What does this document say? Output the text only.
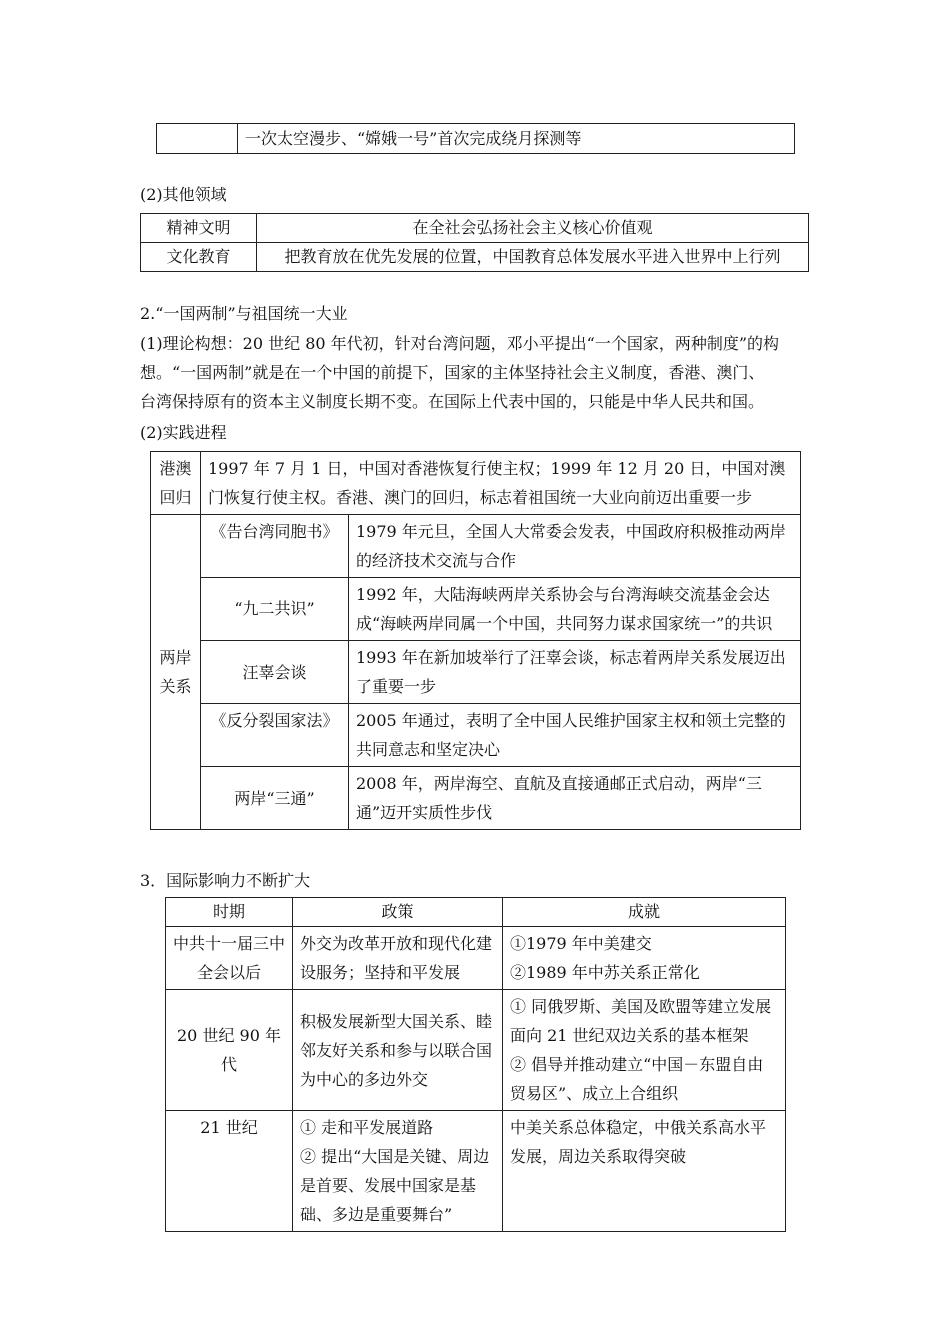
	一次太空漫步、“嫦娥一号”首次完成绕月探测等
(2)其他领域
精神文明	在全社会弘扬社会主义核心价值观
文化教育	把教育放在优先发展的位置，中国教育总体发展水平进入世界中上行列
2.“一国两制”与祖国统一大业

(1)理论构想：20 世纪 80 年代初，针对台湾问题，邓小平提出“一个国家，两种制度”的构

想。“一国两制”就是在一个中国的前提下，国家的主体坚持社会主义制度，香港、澳门、

台湾保持原有的资本主义制度长期不变。在国际上代表中国的，只能是中华人民共和国。

(2)实践进程
港澳回归	1997 年 7 月 1 日，中国对香港恢复行使主权；1999 年 12 月 20 日，中国对澳门恢复行使主权。香港、澳门的回归，标志着祖国统一大业向前迈出重要一步	
两岸关系	《告台湾同胞书》	1979 年元旦，全国人大常委会发表，中国政府积极推动两岸的经济技术交流与合作
	“九二共识”	1992 年，大陆海峡两岸关系协会与台湾海峡交流基金会达成“海峡两岸同属一个中国，共同努力谋求国家统一”的共识
	汪辜会谈	1993 年在新加坡举行了汪辜会谈，标志着两岸关系发展迈出了重要一步
	《反分裂国家法》	2005 年通过，表明了全中国人民维护国家主权和领土完整的共同意志和坚定决心
	两岸“三通”	2008 年，两岸海空、直航及直接通邮正式启动，两岸“三通”迈开实质性步伐
3．国际影响力不断扩大
时期	政策	成就
中共十一届三中全会以后	外交为改革开放和现代化建设服务；坚持和平发展	①1979 年中美建交

②1989 年中苏关系正常化

20 世纪 90 年代	积极发展新型大国关系、睦邻友好关系和参与以联合国为中心的多边外交	① 同俄罗斯、美国及欧盟等建立发展面向 21 世纪双边关系的基本框架

② 倡导并推动建立“中国－东盟自由贸易区”、成立上合组织

21 世纪	① 走和平发展道路

② 提出“大国是关键、周边是首要、发展中国家是基础、多边是重要舞台”	中美关系总体稳定，中俄关系高水平发展，周边关系取得突破
